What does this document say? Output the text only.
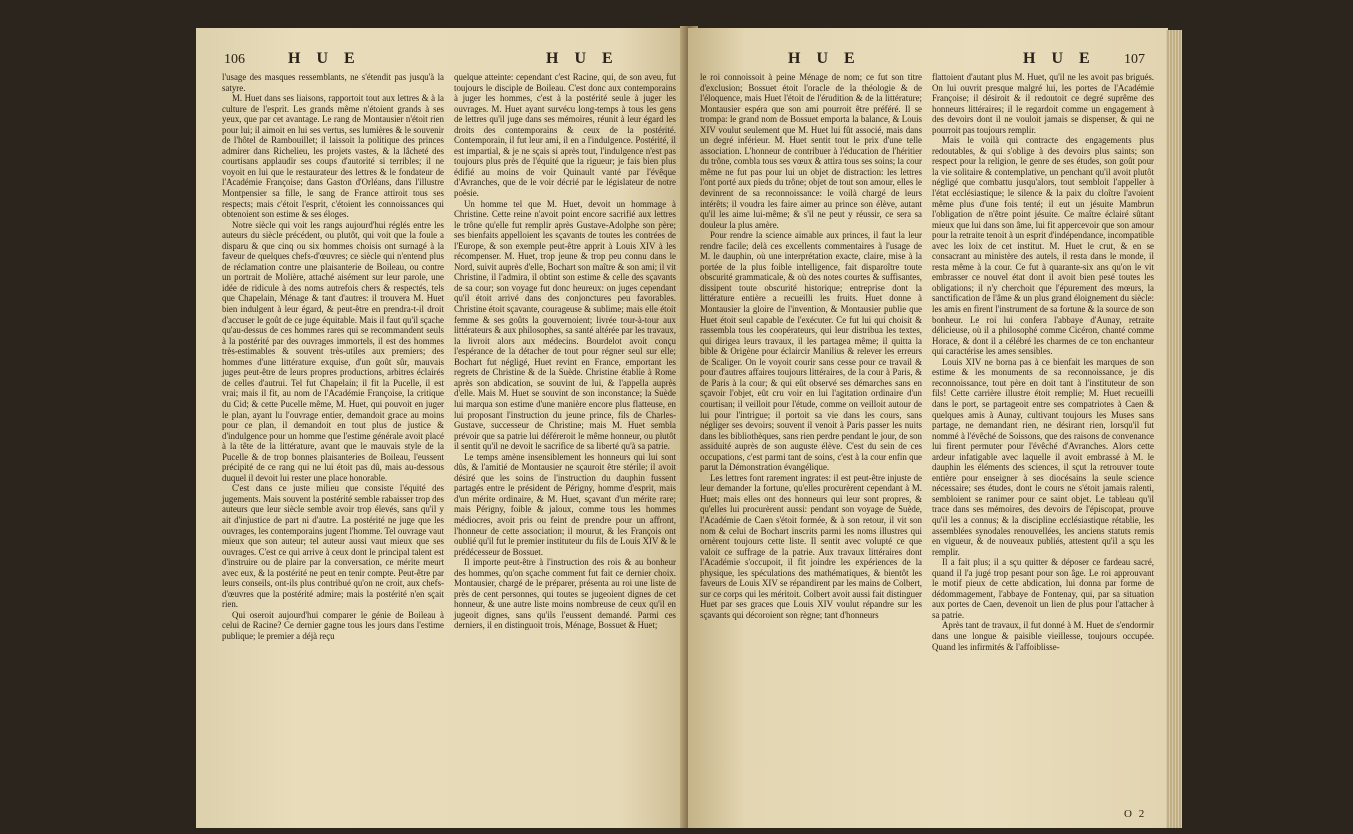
106	H U E	H U E

l'usage des masques ressemblants, ne s'étendit pas jusqu'à la satyre.

M. Huet dans ses liaisons, rapportoit tout aux lettres & à la culture de l'esprit. Les grands même n'étoient grands à ses yeux, que par cet avantage. Le rang de Montausier n'étoit rien pour lui; il aimoit en lui ses vertus, ses lumières & le souvenir de l'hôtel de Rambouillet; il laissoit la politique des princes admirer dans Richelieu, les projets vastes, & la lâcheté des courtisans applaudir ses coups d'autorité si terribles; il ne voyoit en lui que le restaurateur des lettres & le fondateur de l'Académie Françoise; dans Gaston d'Orléans, dans l'illustre Montpensier sa fille, le sang de France attiroit tous ses respects; mais c'étoit l'esprit, c'étoient les connoissances qui obtenoient son estime & ses éloges.

Notre siècle qui voit les rangs aujourd'hui réglés entre les auteurs du siècle précédent, ou plutôt, qui voit que la foule a disparu & que cinq ou six hommes choisis ont surnagé à la faveur de quelques chefs-d'œuvres; ce siècle qui n'entend plus de réclamation contre une plaisanterie de Boileau, ou contre un portrait de Molière, attaché aisément sur leur parole, une idée de ridicule à des noms autrefois chers & respectés, tels que Chapelain, Ménage & tant d'autres: il trouvera M. Huet bien indulgent à leur égard, & peut-être en prendra-t-il droit d'accuser le goût de ce juge équitable. Mais il faut qu'il sçache qu'au-dessus de ces hommes rares qui se recommandent seuls à la postérité par des ouvrages immortels, il est des hommes très-estimables & souvent très-utiles aux premiers; des hommes d'une littérature exquise, d'un goût sûr, mauvais juges peut-être de leurs propres productions, arbitres éclairés de celles d'autrui. Tel fut Chapelain; il fit la Pucelle, il est vrai; mais il fit, au nom de l'Académie Françoise, la critique du Cid; & cette Pucelle même, M. Huet, qui pouvoit en juger le plan, ayant lu l'ouvrage entier, demandoit grace au moins pour ce plan, il demandoit en tout plus de justice & d'indulgence pour un homme que l'estime générale avoit placé à la tête de la littérature, avant que le mauvais style de la Pucelle & de trop bonnes plaisanteries de Boileau, l'eussent précipité de ce rang qui ne lui étoit pas dû, mais au-dessous duquel il devoit lui rester une place honorable.

C'est dans ce juste milieu que consiste l'équité des jugements. Mais souvent la postérité semble rabaisser trop des auteurs que leur siècle semble avoir trop élevés, sans qu'il y ait d'injustice de part ni d'autre. La postérité ne juge que les ouvrages, les contemporains jugent l'homme. Tel ouvrage vaut mieux que son auteur; tel auteur aussi vaut mieux que ses ouvrages. C'est ce qui arrive à ceux dont le principal talent est d'instruire ou de plaire par la conversation, ce mérite meurt avec eux, & la postérité ne peut en tenir compte. Peut-être par leurs conseils, ont-ils plus contribué qu'on ne croit, aux chefs-d'œuvres que la postérité admire; mais la postérité n'en sçait rien.

Qui oseroit aujourd'hui comparer le génie de Boileau à celui de Racine? Ce dernier gagne tous les jours dans l'estime publique; le premier a déjà reçu

quelque atteinte: cependant c'est Racine, qui, de son aveu, fut toujours le disciple de Boileau. C'est donc aux contemporains à juger les hommes, c'est à la postérité seule à juger les ouvrages. M. Huet ayant survécu long-temps à tous les gens de lettres qu'il juge dans ses mémoires, réunit à leur égard les droits des contemporains & ceux de la postérité. Contemporain, il fut leur ami, il en a l'indulgence. Postérité, il est impartial, & je ne sçais si après tout, l'indulgence n'est pas toujours plus près de l'équité que la rigueur; je fais bien plus édifié au moins de voir Quinault vanté par l'évêque d'Avranches, que de le voir décrié par le législateur de notre poësie.

Un homme tel que M. Huet, devoit un hommage à Christine. Cette reine n'avoit point encore sacrifié aux lettres le trône qu'elle fut remplir après Gustave-Adolphe son père; ses bienfaits appelloient les sçavants de toutes les contrées de l'Europe, & son exemple peut-être apprit à Louis XIV à les récompenser. M. Huet, trop jeune & trop peu connu dans le Nord, suivit auprès d'elle, Bochart son maître & son ami; il vit Christine, il l'admira, il obtint son estime & celle des sçavants de sa cour; son voyage fut donc heureux: on juges cependant qu'il étoit arrivé dans des conjonctures peu favorables. Christine étoit sçavante, courageuse & sublime; mais elle étoit femme & ses goûts la gouvernoient; livrée tour-à-tour aux littérateurs & aux philosophes, sa santé altérée par les travaux, la livroit alors aux médecins. Bourdelot avoit conçu l'espérance de la détacher de tout pour régner seul sur elle; Bochart fut négligé, Huet revint en France, emportant les regrets de Christine & de la Suède. Christine établie à Rome après son abdication, se souvint de lui, & l'appella auprès d'elle. Mais M. Huet se souvint de son inconstance; la Suède lui marqua son estime d'une manière encore plus flatteuse, en lui proposant l'instruction du jeune prince, fils de Charles-Gustave, successeur de Christine; mais M. Huet sembla prévoir que sa patrie lui déféreroit le même honneur, ou plutôt il sentit qu'il ne devoit le sacrifice de sa liberté qu'à sa patrie.

Le temps amène insensiblement les honneurs qui lui sont dûs, & l'amitié de Montausier ne sçauroit être stérile; il avoit désiré que les soins de l'instruction du dauphin fussent partagés entre le président de Périgny, homme d'esprit, mais d'un mérite ordinaire, & M. Huet, sçavant d'un mérite rare; mais Périgny, foible & jaloux, comme tous les hommes médiocres, avoit pris ou feint de prendre pour un affront, l'honneur de cette association; il mourut, & les François ont oublié qu'il fut le premier instituteur du fils de Louis XIV & le prédécesseur de Bossuet.

Il importe peut-être à l'instruction des rois & au bonheur des hommes, qu'on sçache comment fut fait ce dernier choix. Montausier, chargé de le préparer, présenta au roi une liste de près de cent personnes, qui toutes se jugeoient dignes de cet honneur, & une autre liste moins nombreuse de ceux qu'il en jugeoit dignes, sans qu'ils l'eussent demandé. Parmi ces derniers, il en distinguoit trois, Ménage, Bossuet & Huet;

H U E	H U E 107

le roi connoissoit à peine Ménage de nom; ce fut son titre d'exclusion; Bossuet étoit l'oracle de la théologie & de l'éloquence, mais Huet l'étoit de l'érudition & de la littérature; Montausier espéra que son ami pourroit être préféré. Il se trompa: le grand nom de Bossuet emporta la balance, & Louis XIV voulut seulement que M. Huet lui fût associé, mais dans un degré inférieur. M. Huet sentit tout le prix d'une telle association. L'honneur de contribuer à l'éducation de l'héritier du trône, combla tous ses vœux & attira tous ses soins; la cour même ne fut pas pour lui un objet de distraction: les lettres l'ont porté aux pieds du trône; objet de tout son amour, elles le devinrent de sa reconnoissance: le voilà chargé de leurs intérêts; il voudra les faire aimer au prince son élève, autant qu'il les aime lui-même; & s'il ne peut y réussir, ce sera sa douleur la plus amère.

Pour rendre la science aimable aux princes, il faut la leur rendre facile; delà ces excellents commentaires à l'usage de M. le dauphin, où une interprétation exacte, claire, mise à la portée de la plus foible intelligence, fait disparoître toute obscurité grammaticale, & où des notes courtes & suffisantes, dissipent toute obscurité historique; entreprise dont la littérature entière a recueilli les fruits. Huet donne à Montausier la gloire de l'invention, & Montausier publie que Huet étoit seul capable de l'exécuter. Ce fut lui qui choisit & rassembla tous les coopérateurs, qui leur distribua les textes, qui dirigea leurs travaux, il les partagea même; il quitta la bible & Origène pour éclaircir Manilius & relever les erreurs de Scaliger. On le voyoit courir sans cesse pour ce travail & pour d'autres affaires toujours littéraires, de la cour à Paris, & de Paris à la cour; & qui eût observé ses démarches sans en sçavoir l'objet, eût cru voir en lui l'agitation ordinaire d'un courtisan; il veilloit pour l'étude, comme on veilloit autour de lui pour l'intrigue; il portoit sa vie dans les cours, sans négliger ses devoirs; souvent il venoit à Paris passer les nuits dans les bibliothèques, sans rien perdre pendant le jour, de son assiduité auprès de son auguste élève. C'est du sein de ces occupations, c'est parmi tant de soins, c'est à la cour enfin que parut la Démonstration évangélique.

Les lettres font rarement ingrates: il est peut-être injuste de leur demander la fortune, qu'elles procurèrent cependant à M. Huet; mais elles ont des honneurs qui leur sont propres, & qu'elles lui procurèrent aussi: pendant son voyage de Suède, l'Académie de Caen s'étoit formée, & à son retour, il vit son nom & celui de Bochart inscrits parmi les noms illustres qui ornèrent toujours cette liste. Il sentit avec volupté ce que valoit ce suffrage de la patrie. Aux travaux littéraires dont l'Académie s'occupoit, il fit joindre les expériences de la physique, les spéculations des mathématiques, & bientôt les faveurs de Louis XIV se répandirent par les mains de Colbert, sur ce corps qui les méritoit. Colbert avoit aussi fait distinguer Huet par ses graces que Louis XIV voulut répandre sur les sçavants qui décoroient son règne; tant d'honneurs

flattoient d'autant plus M. Huet, qu'il ne les avoit pas brigués. On lui ouvrit presque malgré lui, les portes de l'Académie Françoise; il désiroit & il redoutoit ce degré suprême des honneurs littéraires; il le regardoit comme un engagement à des devoirs dont il ne vouloit jamais se dispenser, & qui ne pourroit pas toujours remplir.

Mais le voilà qui contracte des engagements plus redoutables, & qui s'oblige à des devoirs plus saints; son respect pour la religion, le genre de ses études, son goût pour la vie solitaire & contemplative, un penchant qu'il avoit plutôt négligé que combattu jusqu'alors, tout sembloit l'appeller à l'état ecclésiastique; le silence & la paix du cloître l'avoient même plus d'une fois tenté; il eut un jésuite Mambrun l'obligation de n'être point jésuite. Ce maître éclairé sûtant mieux que lui dans son âme, lui fit appercevoir que son amour pour la retraite tenoit à un esprit d'indépendance, incompatible avec les loix de cet institut. M. Huet le crut, & en se consacrant au ministère des autels, il resta dans le monde, il resta même à la cour. Ce fut à quarante-six ans qu'on le vit embrasser ce nouvel état dont il avoit bien pesé toutes les obligations; il n'y cherchoit que l'épurement des mœurs, la sanctification de l'âme & un plus grand éloignement du siècle: les amis en firent l'instrument de sa fortune & la source de son bonheur. Le roi lui confera l'abbaye d'Aunay, retraite délicieuse, où il a philosophé comme Cicéron, chanté comme Horace, & dont il a célébré les charmes de ce ton enchanteur qui caractérise les ames sensibles.

Louis XIV ne borna pas à ce bienfait les marques de son estime & les monuments de sa reconnoissance, je dis reconnoissance, tout père en doit tant à l'instituteur de son fils! Cette carrière illustre étoit remplie; M. Huet recueilli dans le port, se partageoit entre ses compatriotes à Caen & quelques amis à Aunay, cultivant toujours les Muses sans partage, ne demandant rien, ne désirant rien, lorsqu'il fut nommé à l'évêché de Soissons, que des raisons de convenance lui firent permuter pour l'évêché d'Avranches. Alors cette ardeur infatigable avec laquelle il avoit embrassé à M. le dauphin les éléments des sciences, il sçut la retrouver toute entière pour enseigner à ses diocésains la seule science nécessaire; ses études, dont le cours ne s'étoit jamais ralenti, sembloient se ranimer pour ce saint objet. Le tableau qu'il trace dans ses mémoires, des devoirs de l'épiscopat, prouve qu'il les a connus; & la discipline ecclésiastique rétablie, les assemblées synodales renouvellées, les anciens statuts remis en vigueur, & de nouveaux publiés, attestent qu'il a sçu les remplir.

Il a fait plus; il a sçu quitter & déposer ce fardeau sacré, quand il l'a jugé trop pesant pour son âge. Le roi approuvant le motif pieux de cette abdication, lui donna par forme de dédommagement, l'abbaye de Fontenay, qui, par sa situation aux portes de Caen, devenoit un lien de plus pour l'attacher à sa patrie.

Après tant de travaux, il fut donné à M. Huet de s'endormir dans une longue & paisible vieillesse, toujours occupée. Quand les infirmités & l'affoiblisse-

O 2
